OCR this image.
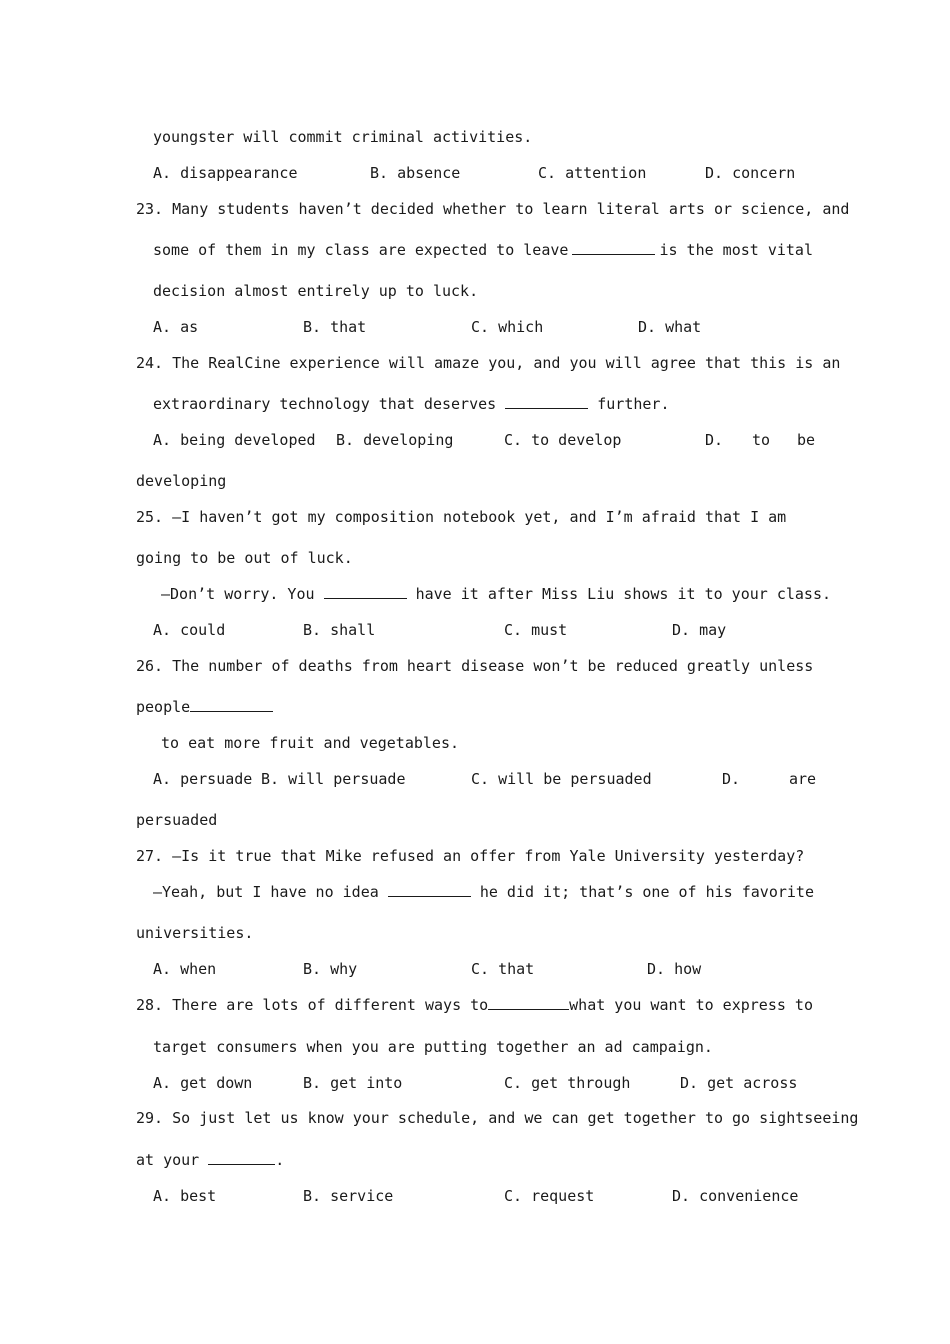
youngster will commit criminal activities.

A. disappearance

	B. absence

	C. attention

	D. concern

23. Many students haven’t decided whether to learn literal arts or science, and
some of them in my class are expected to leave	is the most vital
decision almost entirely up to luck.

A. as

	B. that

	C. which

	D. what

24. The RealCine experience will amaze you, and you will agree that this is an
extraordinary technology that deserves	further.

A. being developed

B. developing

	C. to develop

	D.

to

be

developing
25. —I haven’t got my composition notebook yet, and I’m afraid that I am
going to be out of luck.
—Don’t worry. You	have it after Miss Liu shows it to your class.

A. could

	B. shall

	C. must

	D. may

26. The number of deaths from heart disease won’t be reduced greatly unless
people
to eat more fruit and vegetables.

A. persuade

B. will persuade

	C. will be persuaded

	D.

	are

persuaded
27. —Is it true that Mike refused an offer from Yale University yesterday?
—Yeah, but I have no idea	he did it; that’s one of his favorite
universities.

A. when

	B. why

	C. that

	D. how

28. There are lots of different ways to	what you want to express to
target consumers when you are putting together an ad campaign.

A. get down

	B. get into

	C. get through

	D. get across

29. So just let us know your schedule, and we can get together to go sightseeing
at your	.

A. best

	B. service

	C. request

	D. convenience
